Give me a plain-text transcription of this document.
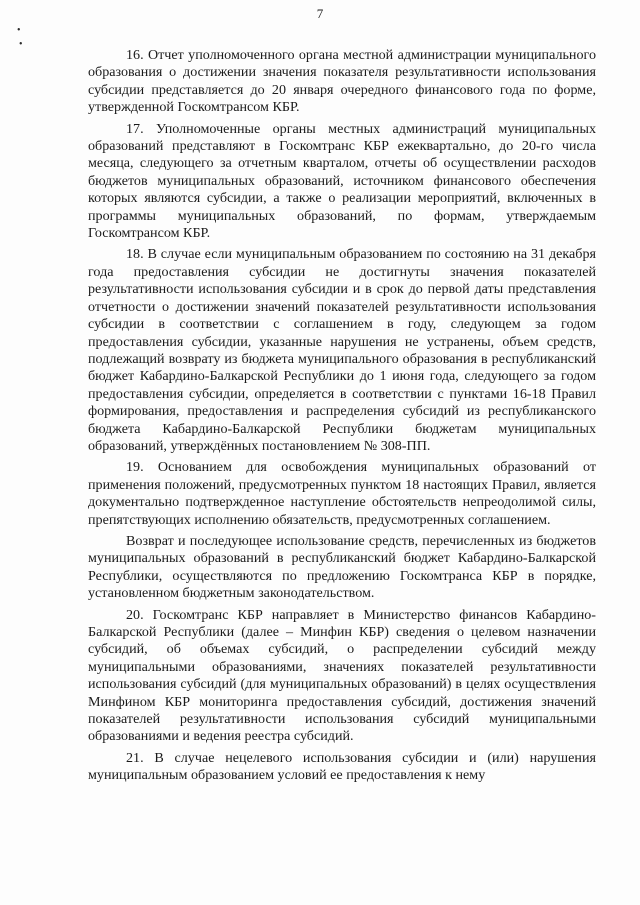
7
•
•

16. Отчет уполномоченного органа местной администрации муниципального образования о достижении значения показателя результативности использования субсидии представляется до 20 января очередного финансового года по форме, утвержденной Госкомтрансом КБР.

17. Уполномоченные органы местных администраций муниципальных образований представляют в Госкомтранс КБР ежеквартально, до 20-го числа месяца, следующего за отчетным кварталом, отчеты об осуществлении расходов бюджетов муниципальных образований, источником финансового обеспечения которых являются субсидии, а также о реализации мероприятий, включенных в программы муниципальных образований, по формам, утверждаемым Госкомтрансом КБР.

18. В случае если муниципальным образованием по состоянию на 31 декабря года предоставления субсидии не достигнуты значения показателей результативности использования субсидии и в срок до первой даты представления отчетности о достижении значений показателей результативности использования субсидии в соответствии с соглашением в году, следующем за годом предоставления субсидии, указанные нарушения не устранены, объем средств, подлежащий возврату из бюджета муниципального образования в республиканский бюджет Кабардино-Балкарской Республики до 1 июня года, следующего за годом предоставления субсидии, определяется в соответствии с пунктами 16-18 Правил формирования, предоставления и распределения субсидий из республиканского бюджета Кабардино-Балкарской Республики бюджетам муниципальных образований, утверждённых постановлением № 308-ПП.

19. Основанием для освобождения муниципальных образований от применения положений, предусмотренных пунктом 18 настоящих Правил, является документально подтвержденное наступление обстоятельств непреодолимой силы, препятствующих исполнению обязательств, предусмотренных соглашением.

Возврат и последующее использование средств, перечисленных из бюджетов муниципальных образований в республиканский бюджет Кабардино-Балкарской Республики, осуществляются по предложению Госкомтранса КБР в порядке, установленном бюджетным законодательством.

20. Госкомтранс КБР направляет в Министерство финансов Кабардино-Балкарской Республики (далее – Минфин КБР) сведения о целевом назначении субсидий, об объемах субсидий, о распределении субсидий между муниципальными образованиями, значениях показателей результативности использования субсидий (для муниципальных образований) в целях осуществления Минфином КБР мониторинга предоставления субсидий, достижения значений показателей результативности использования субсидий муниципальными образованиями и ведения реестра субсидий.

21. В случае нецелевого использования субсидии и (или) нарушения муниципальным образованием условий ее предоставления к нему
